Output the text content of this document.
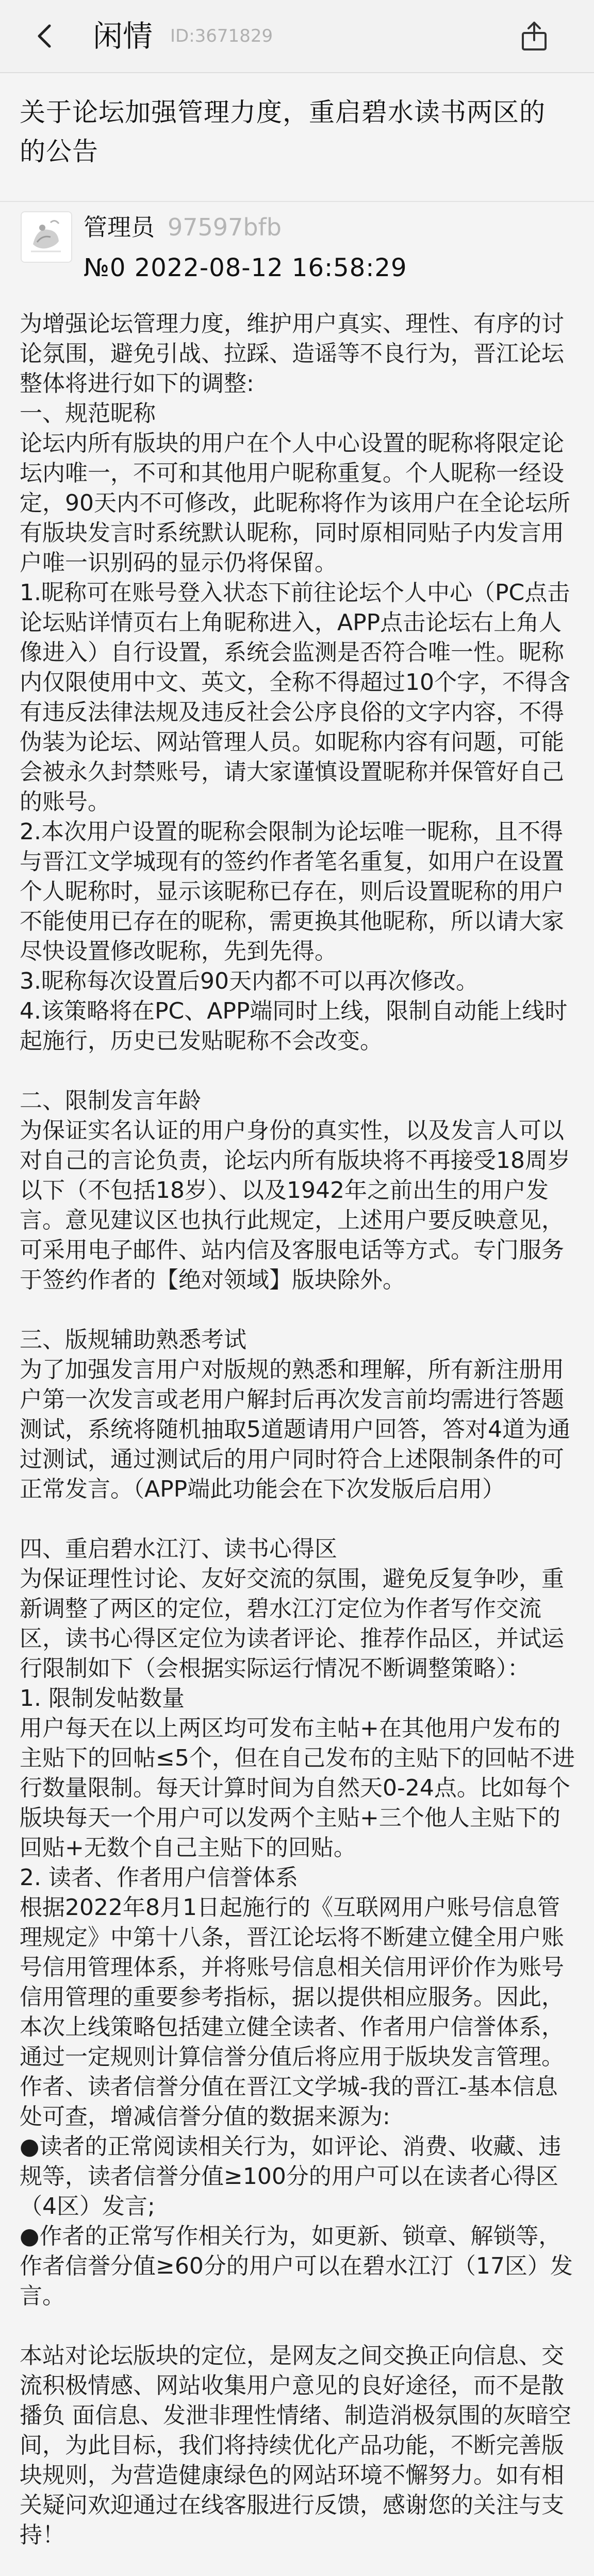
闲情 ID:3671829
关于论坛加强管理力度，重启碧水读书两区的的公告
管理员 97597bfb
№0 2022-08-12 16:58:29

为增强论坛管理力度，维护用户真实、理性、有序的讨论氛围，避免引战、拉踩、造谣等不良行为，晋江论坛整体将进行如下的调整:

一、规范昵称

论坛内所有版块的用户在个人中心设置的昵称将限定论坛内唯一，不可和其他用户昵称重复。个人昵称一经设定，90天内不可修改，此昵称将作为该用户在全论坛所有版块发言时系统默认昵称，同时原相同贴子内发言用户唯一识别码的显示仍将保留。

1.昵称可在账号登入状态下前往论坛个人中心（PC点击论坛贴详情页右上角昵称进入，APP点击论坛右上角人像进入）自行设置，系统会监测是否符合唯一性。昵称内仅限使用中文、英文，全称不得超过10个字，不得含有违反法律法规及违反社会公序良俗的文字内容，不得伪装为论坛、网站管理人员。如昵称内容有问题，可能会被永久封禁账号，请大家谨慎设置昵称并保管好自己的账号。

2.本次用户设置的昵称会限制为论坛唯一昵称，且不得与晋江文学城现有的签约作者笔名重复，如用户在设置个人昵称时，显示该昵称已存在，则后设置昵称的用户不能使用已存在的昵称，需更换其他昵称，所以请大家尽快设置修改昵称，先到先得。

3.昵称每次设置后90天内都不可以再次修改。

4.该策略将在PC、APP端同时上线，限制自动能上线时起施行，历史已发贴昵称不会改变。

二、限制发言年龄

为保证实名认证的用户身份的真实性，以及发言人可以对自己的言论负责，论坛内所有版块将不再接受18周岁以下（不包括18岁）、以及1942年之前出生的用户发言。意见建议区也执行此规定，上述用户要反映意见，可采用电子邮件、站内信及客服电话等方式。专门服务于签约作者的【绝对领域】版块除外。

三、版规辅助熟悉考试

为了加强发言用户对版规的熟悉和理解，所有新注册用户第一次发言或老用户解封后再次发言前均需进行答题测试，系统将随机抽取5道题请用户回答，答对4道为通过测试，通过测试后的用户同时符合上述限制条件的可正常发言。（APP端此功能会在下次发版后启用）

四、重启碧水江汀、读书心得区

为保证理性讨论、友好交流的氛围，避免反复争吵，重新调整了两区的定位，碧水江汀定位为作者写作交流区，读书心得区定位为读者评论、推荐作品区，并试运行限制如下（会根据实际运行情况不断调整策略）：

1. 限制发帖数量

用户每天在以上两区均可发布主帖+在其他用户发布的主贴下的回帖≤5个，但在自己发布的主贴下的回帖不进行数量限制。每天计算时间为自然天0-24点。比如每个版块每天一个用户可以发两个主贴+三个他人主贴下的回贴+无数个自己主贴下的回贴。

2. 读者、作者用户信誉体系

根据2022年8月1日起施行的《互联网用户账号信息管理规定》中第十八条，晋江论坛将不断建立健全用户账号信用管理体系，并将账号信息相关信用评价作为账号信用管理的重要参考指标，据以提供相应服务。因此，本次上线策略包括建立健全读者、作者用户信誉体系，通过一定规则计算信誉分值后将应用于版块发言管理。

作者、读者信誉分值在晋江文学城-我的晋江-基本信息处可查，增减信誉分值的数据来源为:

●读者的正常阅读相关行为，如评论、消费、收藏、违规等，读者信誉分值≥100分的用户可以在读者心得区（4区）发言;

●作者的正常写作相关行为，如更新、锁章、解锁等，作者信誉分值≥60分的用户可以在碧水江汀（17区）发言。

本站对论坛版块的定位，是网友之间交换正向信息、交流积极情感、网站收集用户意见的良好途径，而不是散播负 面信息、发泄非理性情绪、制造消极氛围的灰暗空间，为此目标，我们将持续优化产品功能，不断完善版块规则，为营造健康绿色的网站环境不懈努力。如有相关疑问欢迎通过在线客服进行反馈，感谢您的关注与支持！
